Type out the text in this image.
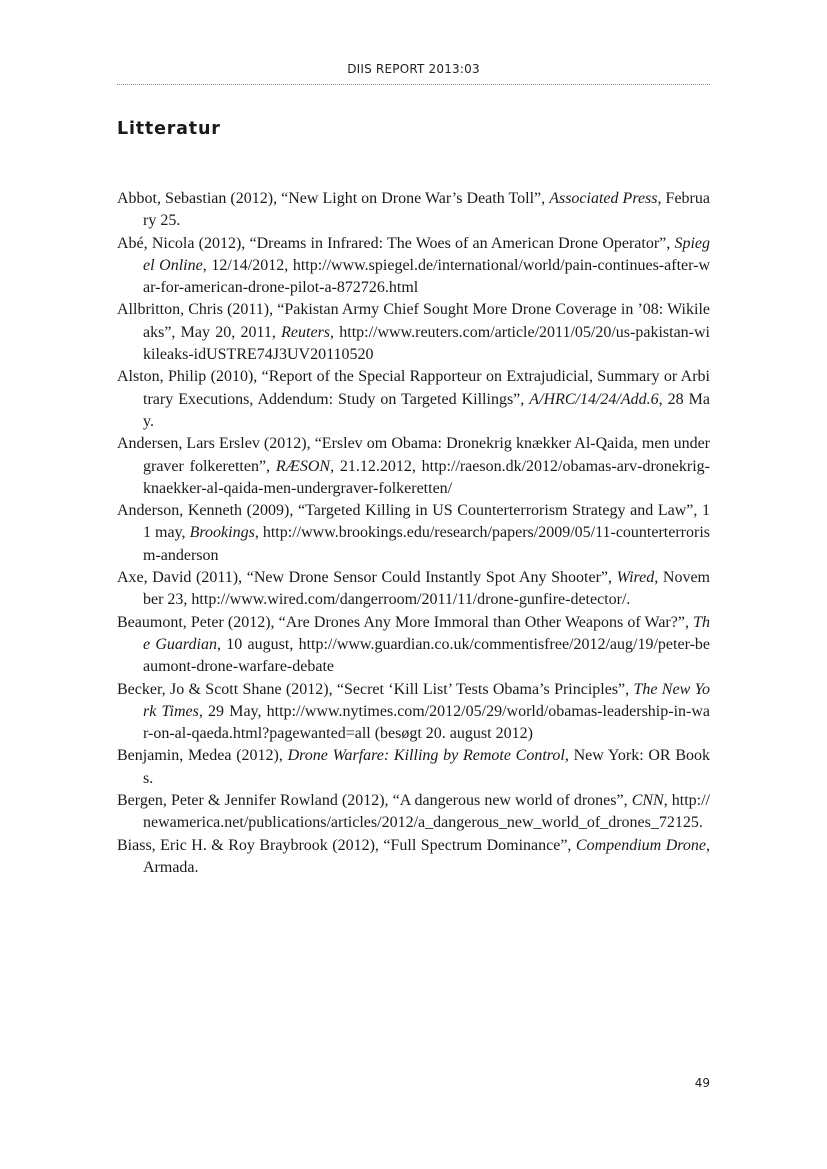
DIIS REPORT 2013:03
Litteratur
Abbot, Sebastian (2012), “New Light on Drone War’s Death Toll”, Associated Press, February 25.
Abé, Nicola (2012), “Dreams in Infrared: The Woes of an American Drone Operator”, Spiegel Online, 12/14/2012, http://www.spiegel.de/international/world/pain-continues-after-war-for-american-drone-pilot-a-872726.html
Allbritton, Chris (2011), “Pakistan Army Chief Sought More Drone Coverage in ’08: Wikileaks”, May 20, 2011, Reuters, http://www.reuters.com/article/2011/05/20/us-pakistan-wikileaks-idUSTRE74J3UV20110520
Alston, Philip (2010), “Report of the Special Rapporteur on Extrajudicial, Summary or Arbitrary Executions, Addendum: Study on Targeted Killings”, A/HRC/14/24/Add.6, 28 May.
Andersen, Lars Erslev (2012), “Erslev om Obama: Dronekrig knækker Al-Qaida, men undergraver folkeretten”, RÆSON, 21.12.2012, http://raeson.dk/2012/obamas-arv-dronekrig-knaekker-al-qaida-men-undergraver-folkeretten/
Anderson, Kenneth (2009), “Targeted Killing in US Counterterrorism Strategy and Law”, 11 may, Brookings, http://www.brookings.edu/research/papers/2009/05/11-counterterrorism-anderson
Axe, David (2011), “New Drone Sensor Could Instantly Spot Any Shooter”, Wired, November 23, http://www.wired.com/dangerroom/2011/11/drone-gunfire-detector/.
Beaumont, Peter (2012), “Are Drones Any More Immoral than Other Weapons of War?”, The Guardian, 10 august, http://www.guardian.co.uk/commentisfree/2012/aug/19/peter-beaumont-drone-warfare-debate
Becker, Jo & Scott Shane (2012), “Secret ‘Kill List’ Tests Obama’s Principles”, The New York Times, 29 May, http://www.nytimes.com/2012/05/29/world/obamas-leadership-in-war-on-al-qaeda.html?pagewanted=all (besøgt 20. august 2012)
Benjamin, Medea (2012), Drone Warfare: Killing by Remote Control, New York: OR Books.
Bergen, Peter & Jennifer Rowland (2012), “A dangerous new world of drones”, CNN, http://newamerica.net/publications/articles/2012/a_dangerous_new_world_of_drones_72125.
Biass, Eric H. & Roy Braybrook (2012), “Full Spectrum Dominance”, Compendium Drone, Armada.
49
